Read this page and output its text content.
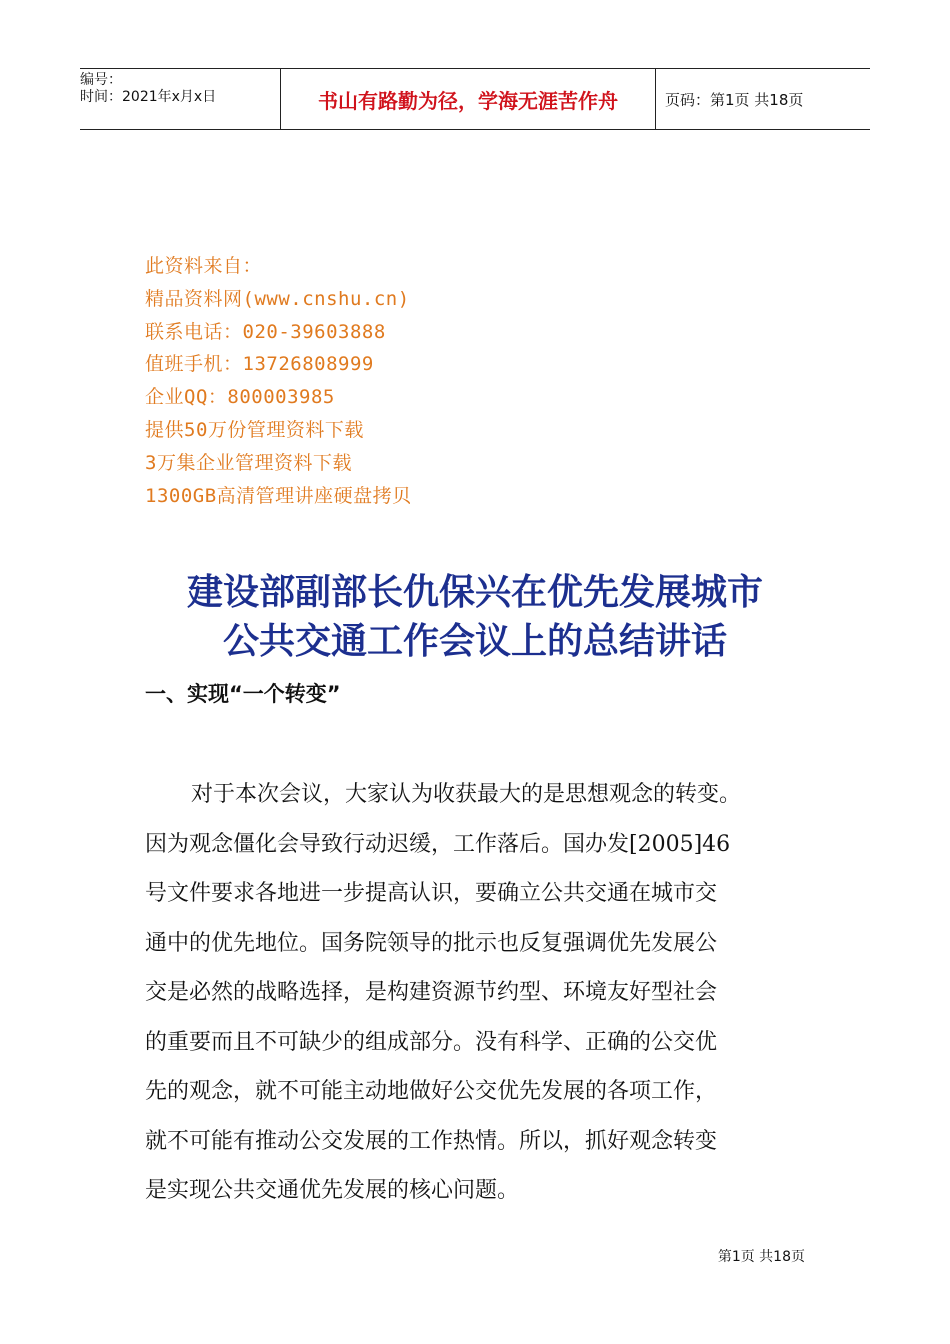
编号：
时间：2021年x月x日	书山有路勤为径，学海无涯苦作舟	页码：第1页 共18页
此资料来自：
精品资料网(www.cnshu.cn)
联系电话：020-39603888
值班手机：13726808999
企业QQ：800003985
提供50万份管理资料下载
3万集企业管理资料下载
1300GB高清管理讲座硬盘拷贝
建设部副部长仇保兴在优先发展城市
公共交通工作会议上的总结讲话
一、实现“一个转变”
对于本次会议，大家认为收获最大的是思想观念的转变。
因为观念僵化会导致行动迟缓，工作落后。国办发[2005]46
号文件要求各地进一步提高认识，要确立公共交通在城市交
通中的优先地位。国务院领导的批示也反复强调优先发展公
交是必然的战略选择，是构建资源节约型、环境友好型社会
的重要而且不可缺少的组成部分。没有科学、正确的公交优
先的观念，就不可能主动地做好公交优先发展的各项工作，
就不可能有推动公交发展的工作热情。所以，抓好观念转变
是实现公共交通优先发展的核心问题。
第1页 共18页
